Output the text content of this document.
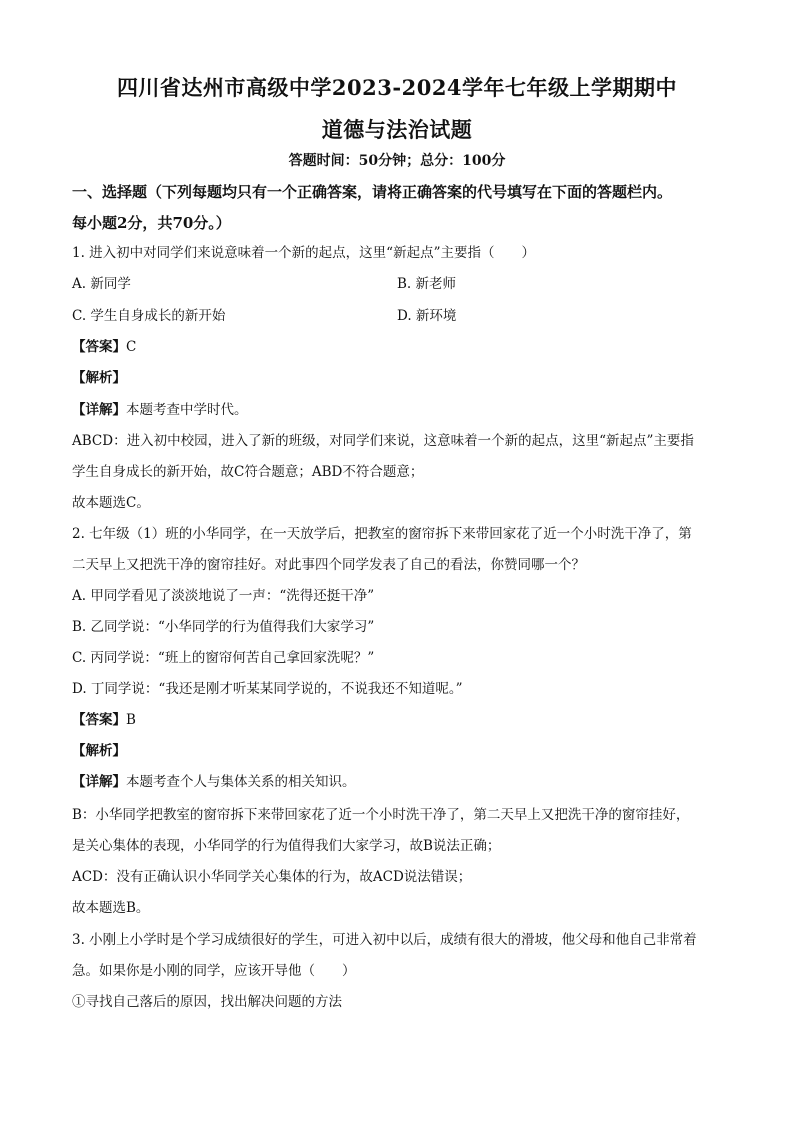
四川省达州市高级中学2023-2024学年七年级上学期期中
道德与法治试题
答题时间：50分钟；总分：100分
一、选择题（下列每题均只有一个正确答案，请将正确答案的代号填写在下面的答题栏内。
每小题2分，共70分。）
1. 进入初中对同学们来说意味着一个新的起点，这里“新起点”主要指（　　）
A. 新同学	B. 新老师
C. 学生自身成长的新开始	D. 新环境
【答案】C
【解析】
【详解】本题考查中学时代。
ABCD：进入初中校园，进入了新的班级，对同学们来说，这意味着一个新的起点，这里“新起点”主要指
学生自身成长的新开始，故C符合题意；ABD不符合题意；
故本题选C。
2. 七年级（1）班的小华同学，在一天放学后，把教室的窗帘拆下来带回家花了近一个小时洗干净了，第
二天早上又把洗干净的窗帘挂好。对此事四个同学发表了自己的看法，你赞同哪一个？
A. 甲同学看见了淡淡地说了一声：“洗得还挺干净”
B. 乙同学说：“小华同学的行为值得我们大家学习”
C. 丙同学说：“班上的窗帘何苦自己拿回家洗呢？”
D. 丁同学说：“我还是刚才听某某同学说的，不说我还不知道呢。”
【答案】B
【解析】
【详解】本题考查个人与集体关系的相关知识。
B：小华同学把教室的窗帘拆下来带回家花了近一个小时洗干净了，第二天早上又把洗干净的窗帘挂好，
是关心集体的表现，小华同学的行为值得我们大家学习，故B说法正确；
ACD：没有正确认识小华同学关心集体的行为，故ACD说法错误；
故本题选B。
3. 小刚上小学时是个学习成绩很好的学生，可进入初中以后，成绩有很大的滑坡，他父母和他自己非常着
急。如果你是小刚的同学，应该开导他（　　）
①寻找自己落后的原因，找出解决问题的方法
